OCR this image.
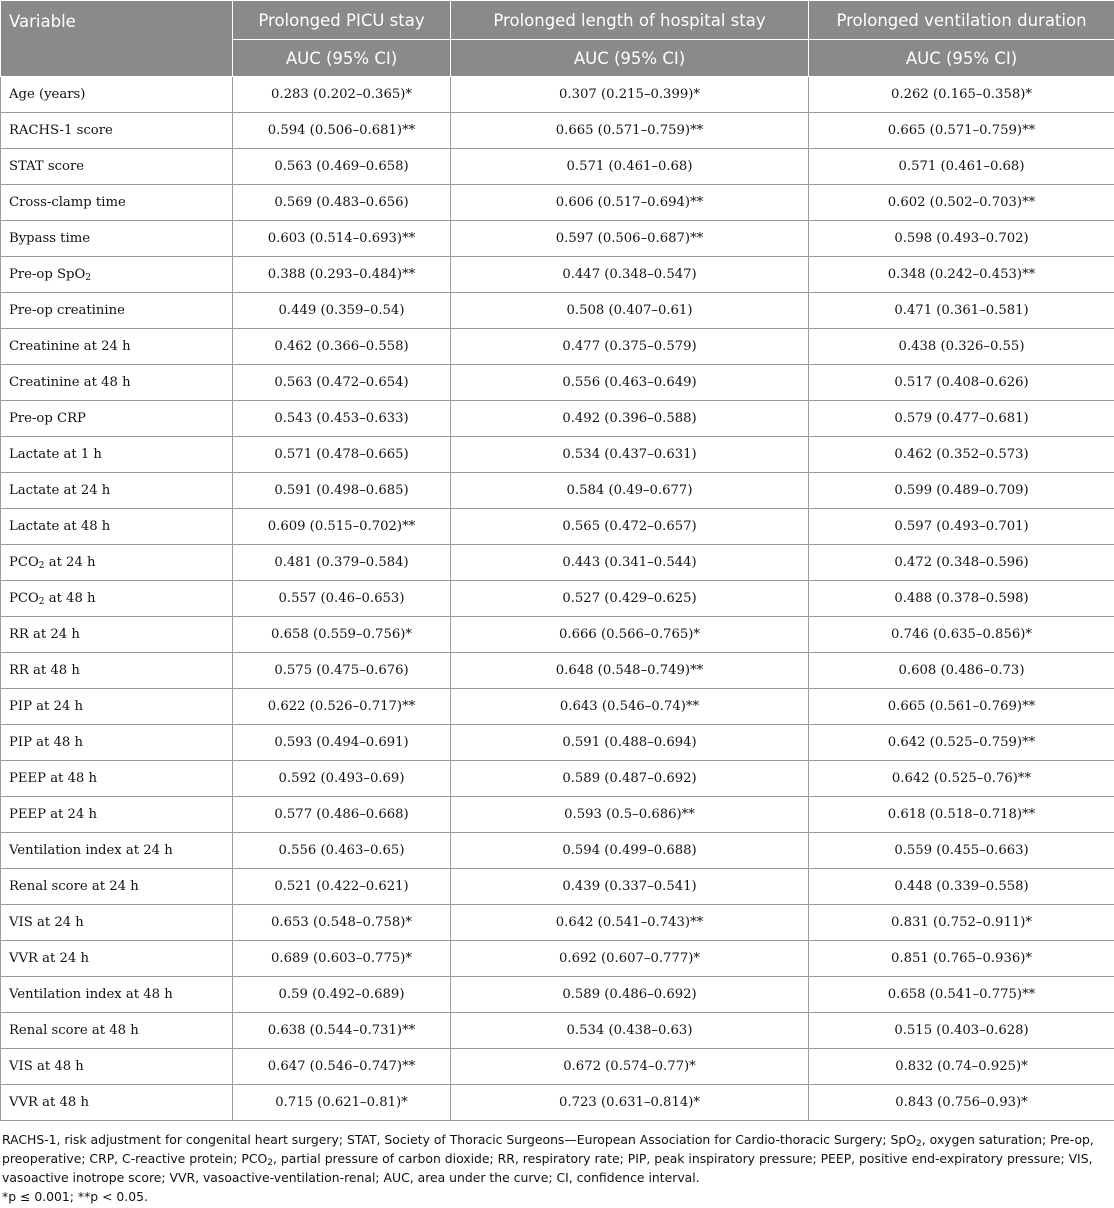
Variable	Prolonged PICU stay	Prolonged length of hospital stay	Prolonged ventilation duration
	AUC (95% CI)	AUC (95% CI)	AUC (95% CI)
Age (years)	0.283 (0.202–0.365)*	0.307 (0.215–0.399)*	0.262 (0.165–0.358)*
RACHS-1 score	0.594 (0.506–0.681)**	0.665 (0.571–0.759)**	0.665 (0.571–0.759)**
STAT score	0.563 (0.469–0.658)	0.571 (0.461–0.68)	0.571 (0.461–0.68)
Cross-clamp time	0.569 (0.483–0.656)	0.606 (0.517–0.694)**	0.602 (0.502–0.703)**
Bypass time	0.603 (0.514–0.693)**	0.597 (0.506–0.687)**	0.598 (0.493–0.702)
Pre-op SpO$_2$	0.388 (0.293–0.484)**	0.447 (0.348–0.547)	0.348 (0.242–0.453)**
Pre-op creatinine	0.449 (0.359–0.54)	0.508 (0.407–0.61)	0.471 (0.361–0.581)
Creatinine at 24 h	0.462 (0.366–0.558)	0.477 (0.375–0.579)	0.438 (0.326–0.55)
Creatinine at 48 h	0.563 (0.472–0.654)	0.556 (0.463–0.649)	0.517 (0.408–0.626)
Pre-op CRP	0.543 (0.453–0.633)	0.492 (0.396–0.588)	0.579 (0.477–0.681)
Lactate at 1 h	0.571 (0.478–0.665)	0.534 (0.437–0.631)	0.462 (0.352–0.573)
Lactate at 24 h	0.591 (0.498–0.685)	0.584 (0.49–0.677)	0.599 (0.489–0.709)
Lactate at 48 h	0.609 (0.515–0.702)**	0.565 (0.472–0.657)	0.597 (0.493–0.701)
$PCO_2$ at 24 h	0.481 (0.379–0.584)	0.443 (0.341–0.544)	0.472 (0.348–0.596)
$PCO_2$ at 48 h	0.557 (0.46–0.653)	0.527 (0.429–0.625)	0.488 (0.378–0.598)
RR at 24 h	0.658 (0.559–0.756)*	0.666 (0.566–0.765)*	0.746 (0.635–0.856)*
RR at 48 h	0.575 (0.475–0.676)	0.648 (0.548–0.749)**	0.608 (0.486–0.73)
PIP at 24 h	0.622 (0.526–0.717)**	0.643 (0.546–0.74)**	0.665 (0.561–0.769)**
PIP at 48 h	0.593 (0.494–0.691)	0.591 (0.488–0.694)	0.642 (0.525–0.759)**
PEEP at 48 h	0.592 (0.493–0.69)	0.589 (0.487–0.692)	0.642 (0.525–0.76)**
PEEP at 24 h	0.577 (0.486–0.668)	0.593 (0.5–0.686)**	0.618 (0.518–0.718)**
Ventilation index at 24 h	0.556 (0.463–0.65)	0.594 (0.499–0.688)	0.559 (0.455–0.663)
Renal score at 24 h	0.521 (0.422–0.621)	0.439 (0.337–0.541)	0.448 (0.339–0.558)
VIS at 24 h	0.653 (0.548–0.758)*	0.642 (0.541–0.743)**	0.831 (0.752–0.911)*
VVR at 24 h	0.689 (0.603–0.775)*	0.692 (0.607–0.777)*	0.851 (0.765–0.936)*
Ventilation index at 48 h	0.59 (0.492–0.689)	0.589 (0.486–0.692)	0.658 (0.541–0.775)**
Renal score at 48 h	0.638 (0.544–0.731)**	0.534 (0.438–0.63)	0.515 (0.403–0.628)
VIS at 48 h	0.647 (0.546–0.747)**	0.672 (0.574–0.77)*	0.832 (0.74–0.925)*
VVR at 48 h	0.715 (0.621–0.81)*	0.723 (0.631–0.814)*	0.843 (0.756–0.93)*

RACHS-1, risk adjustment for congenital heart surgery; STAT, Society of Thoracic Surgeons—European Association for Cardio-thoracic Surgery; SpO$_2$, oxygen saturation; Pre-op, preoperative; CRP, C-reactive protein; $PCO_2$, partial pressure of carbon dioxide; RR, respiratory rate; PIP, peak inspiratory pressure; PEEP, positive end-expiratory pressure; VIS, vasoactive inotrope score; VVR, vasoactive-ventilation-renal; AUC, area under the curve; CI, confidence interval.

*p ≤ 0.001; **p < 0.05.
